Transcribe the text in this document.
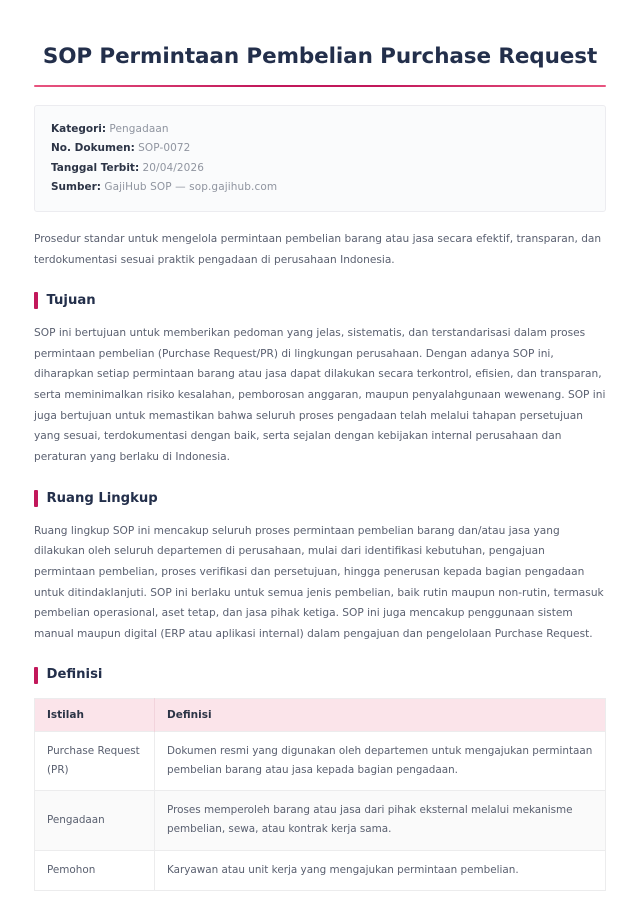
SOP Permintaan Pembelian Purchase Request
Kategori: Pengadaan
No. Dokumen: SOP-0072
Tanggal Terbit: 20/04/2026
Sumber: GajiHub SOP — sop.gajihub.com

Prosedur standar untuk mengelola permintaan pembelian barang atau jasa secara efektif, transparan, dan terdokumentasi sesuai praktik pengadaan di perusahaan Indonesia.

Tujuan

SOP ini bertujuan untuk memberikan pedoman yang jelas, sistematis, dan terstandarisasi dalam proses permintaan pembelian (Purchase Request/PR) di lingkungan perusahaan. Dengan adanya SOP ini, diharapkan setiap permintaan barang atau jasa dapat dilakukan secara terkontrol, efisien, dan transparan, serta meminimalkan risiko kesalahan, pemborosan anggaran, maupun penyalahgunaan wewenang. SOP ini juga bertujuan untuk memastikan bahwa seluruh proses pengadaan telah melalui tahapan persetujuan yang sesuai, terdokumentasi dengan baik, serta sejalan dengan kebijakan internal perusahaan dan peraturan yang berlaku di Indonesia.

Ruang Lingkup

Ruang lingkup SOP ini mencakup seluruh proses permintaan pembelian barang dan/atau jasa yang dilakukan oleh seluruh departemen di perusahaan, mulai dari identifikasi kebutuhan, pengajuan permintaan pembelian, proses verifikasi dan persetujuan, hingga penerusan kepada bagian pengadaan untuk ditindaklanjuti. SOP ini berlaku untuk semua jenis pembelian, baik rutin maupun non-rutin, termasuk pembelian operasional, aset tetap, dan jasa pihak ketiga. SOP ini juga mencakup penggunaan sistem manual maupun digital (ERP atau aplikasi internal) dalam pengajuan dan pengelolaan Purchase Request.

Definisi
Istilah	Definisi
Purchase Request (PR)	Dokumen resmi yang digunakan oleh departemen untuk mengajukan permintaan pembelian barang atau jasa kepada bagian pengadaan.
Pengadaan	Proses memperoleh barang atau jasa dari pihak eksternal melalui mekanisme pembelian, sewa, atau kontrak kerja sama.
Pemohon	Karyawan atau unit kerja yang mengajukan permintaan pembelian.
